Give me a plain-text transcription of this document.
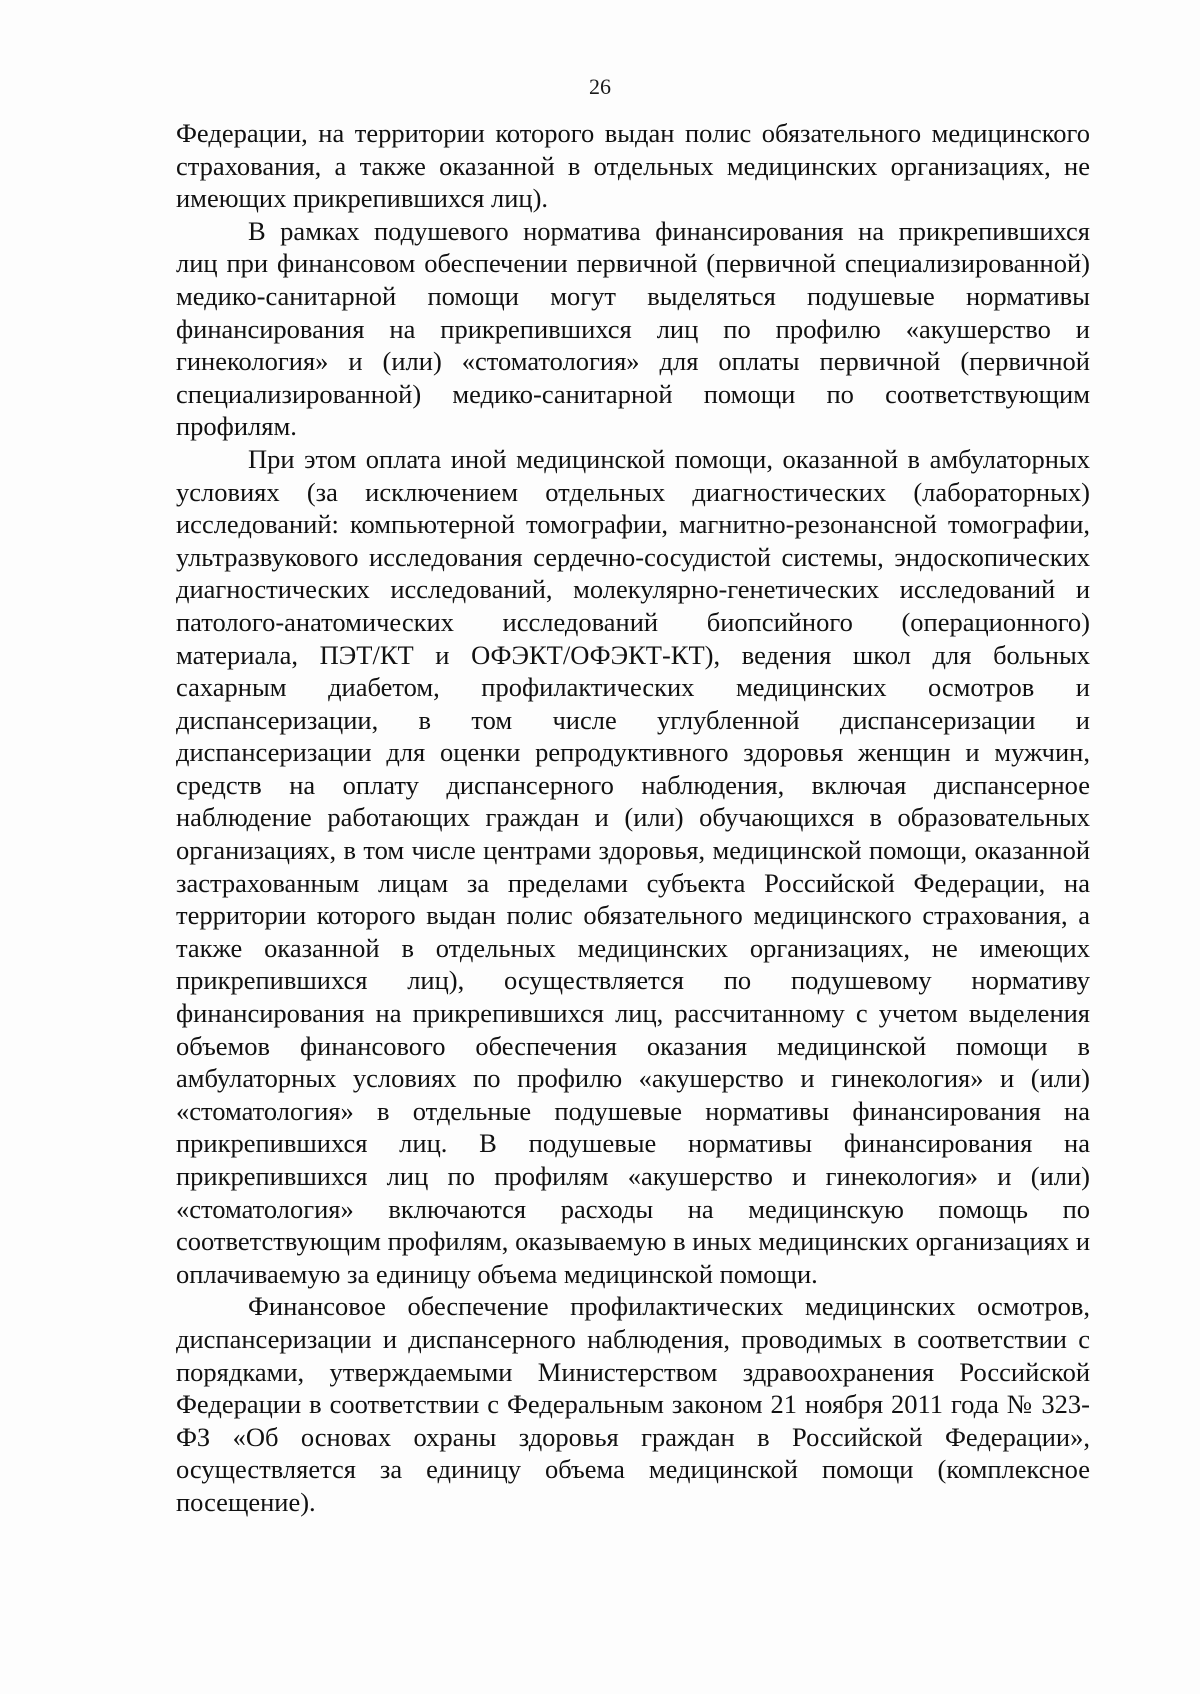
26

Федерации, на территории которого выдан полис обязательного медицинского страхования, а также оказанной в отдельных медицинских организациях, не имеющих прикрепившихся лиц).

В рамках подушевого норматива финансирования на прикрепившихся лиц при финансовом обеспечении первичной (первичной специализированной) медико-санитарной помощи могут выделяться подушевые нормативы финансирования на прикрепившихся лиц по профилю «акушерство и гинекология» и (или) «стоматология» для оплаты первичной (первичной специализированной) медико-санитарной помощи по соответствующим профилям.

При этом оплата иной медицинской помощи, оказанной в амбулаторных условиях (за исключением отдельных диагностических (лабораторных) исследований: компьютерной томографии, магнитно-резонансной томографии, ультразвукового исследования сердечно-сосудистой системы, эндоскопических диагностических исследований, молекулярно-генетических исследований и патолого-анатомических исследований биопсийного (операционного) материала, ПЭТ/КТ и ОФЭКТ/ОФЭКТ-КТ), ведения школ для больных сахарным диабетом, профилактических медицинских осмотров и диспансеризации, в том числе углубленной диспансеризации и диспансеризации для оценки репродуктивного здоровья женщин и мужчин, средств на оплату диспансерного наблюдения, включая диспансерное наблюдение работающих граждан и (или) обучающихся в образовательных организациях, в том числе центрами здоровья, медицинской помощи, оказанной застрахованным лицам за пределами субъекта Российской Федерации, на территории которого выдан полис обязательного медицинского страхования, а также оказанной в отдельных медицинских организациях, не имеющих прикрепившихся лиц), осуществляется по подушевому нормативу финансирования на прикрепившихся лиц, рассчитанному с учетом выделения объемов финансового обеспечения оказания медицинской помощи в амбулаторных условиях по профилю «акушерство и гинекология» и (или) «стоматология» в отдельные подушевые нормативы финансирования на прикрепившихся лиц. В подушевые нормативы финансирования на прикрепившихся лиц по профилям «акушерство и гинекология» и (или) «стоматология» включаются расходы на медицинскую помощь по соответствующим профилям, оказываемую в иных медицинских организациях и оплачиваемую за единицу объема медицинской помощи.

Финансовое обеспечение профилактических медицинских осмотров, диспансеризации и диспансерного наблюдения, проводимых в соответствии с порядками, утверждаемыми Министерством здравоохранения Российской Федерации в соответствии с Федеральным законом 21 ноября 2011 года № 323-ФЗ «Об основах охраны здоровья граждан в Российской Федерации», осуществляется за единицу объема медицинской помощи (комплексное посещение).
